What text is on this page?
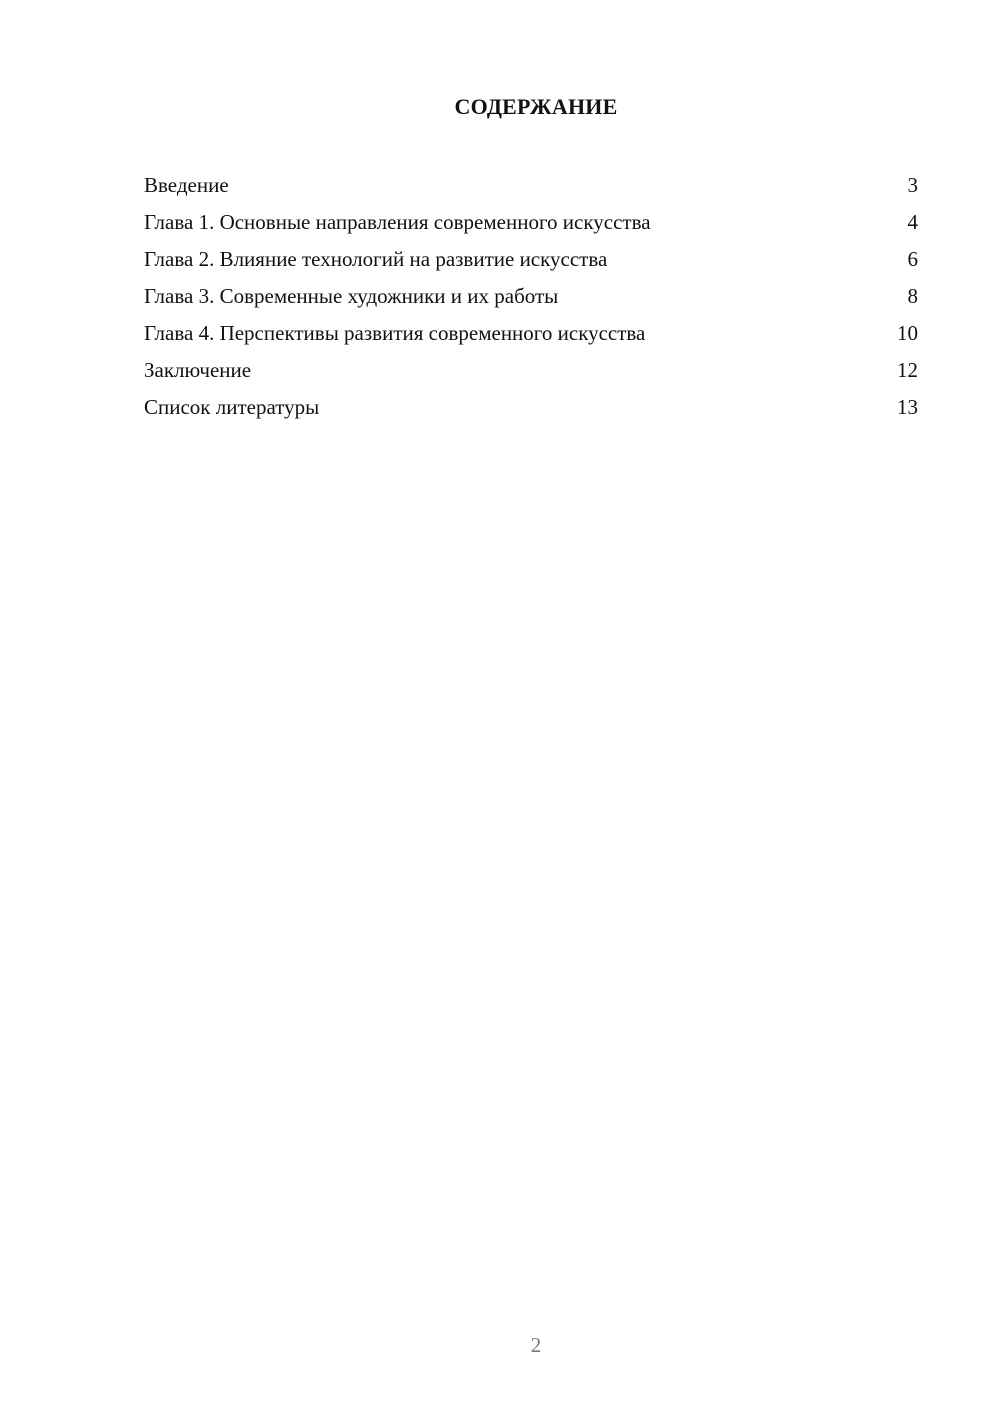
СОДЕРЖАНИЕ
Введение	3
Глава 1. Основные направления современного искусства	4
Глава 2. Влияние технологий на развитие искусства	6
Глава 3. Современные художники и их работы	8
Глава 4. Перспективы развития современного искусства	10
Заключение	12
Список литературы	13
2
